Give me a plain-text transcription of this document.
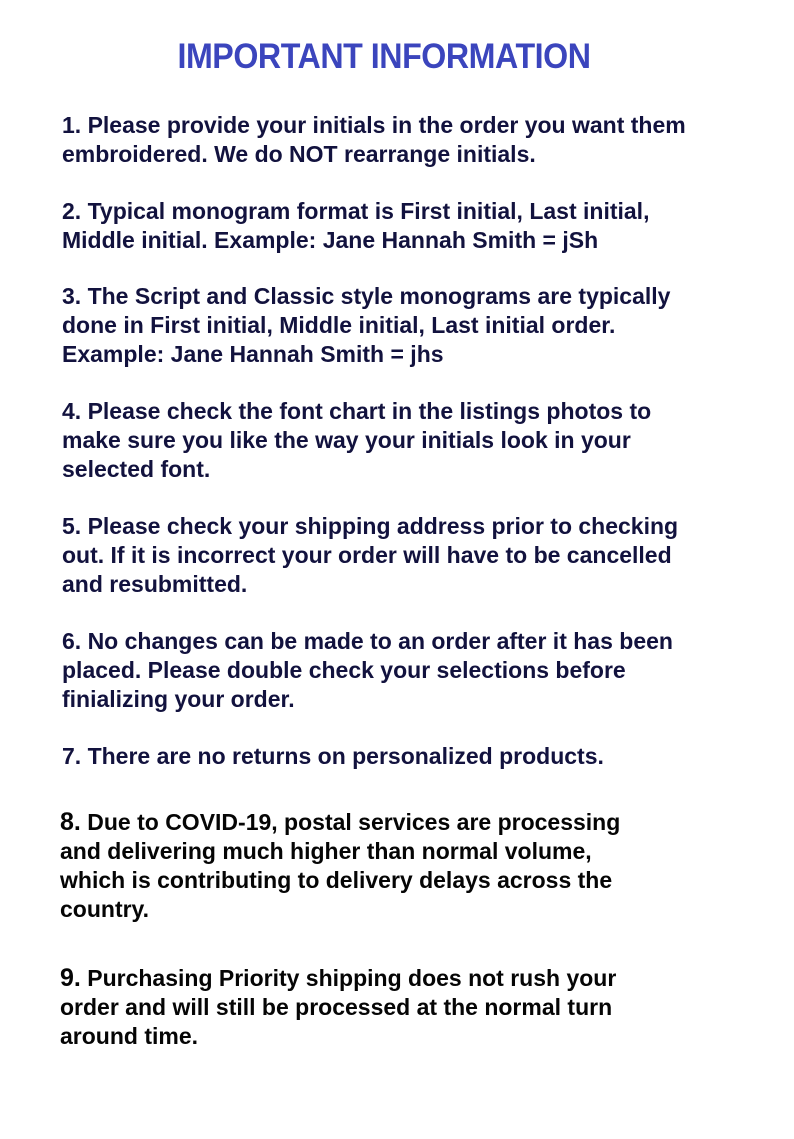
IMPORTANT INFORMATION
1. Please provide your initials in the order you want them
embroidered. We do NOT rearrange initials.
2. Typical monogram format is First initial, Last initial,
Middle initial. Example: Jane Hannah Smith = jSh
3. The Script and Classic style monograms are typically
done in First initial, Middle initial, Last initial order.
Example: Jane Hannah Smith = jhs
4. Please check the font chart in the listings photos to
make sure you like the way your initials look in your
selected font.
5. Please check your shipping address prior to checking
out. If it is incorrect your order will have to be cancelled
and resubmitted.
6. No changes can be made to an order after it has been
placed. Please double check your selections before
finializing your order.
7. There are no returns on personalized products.
8. Due to COVID-19, postal services are processing
and delivering much higher than normal volume,
which is contributing to delivery delays across the
country.
9. Purchasing Priority shipping does not rush your
order and will still be processed at the normal turn
around time.
